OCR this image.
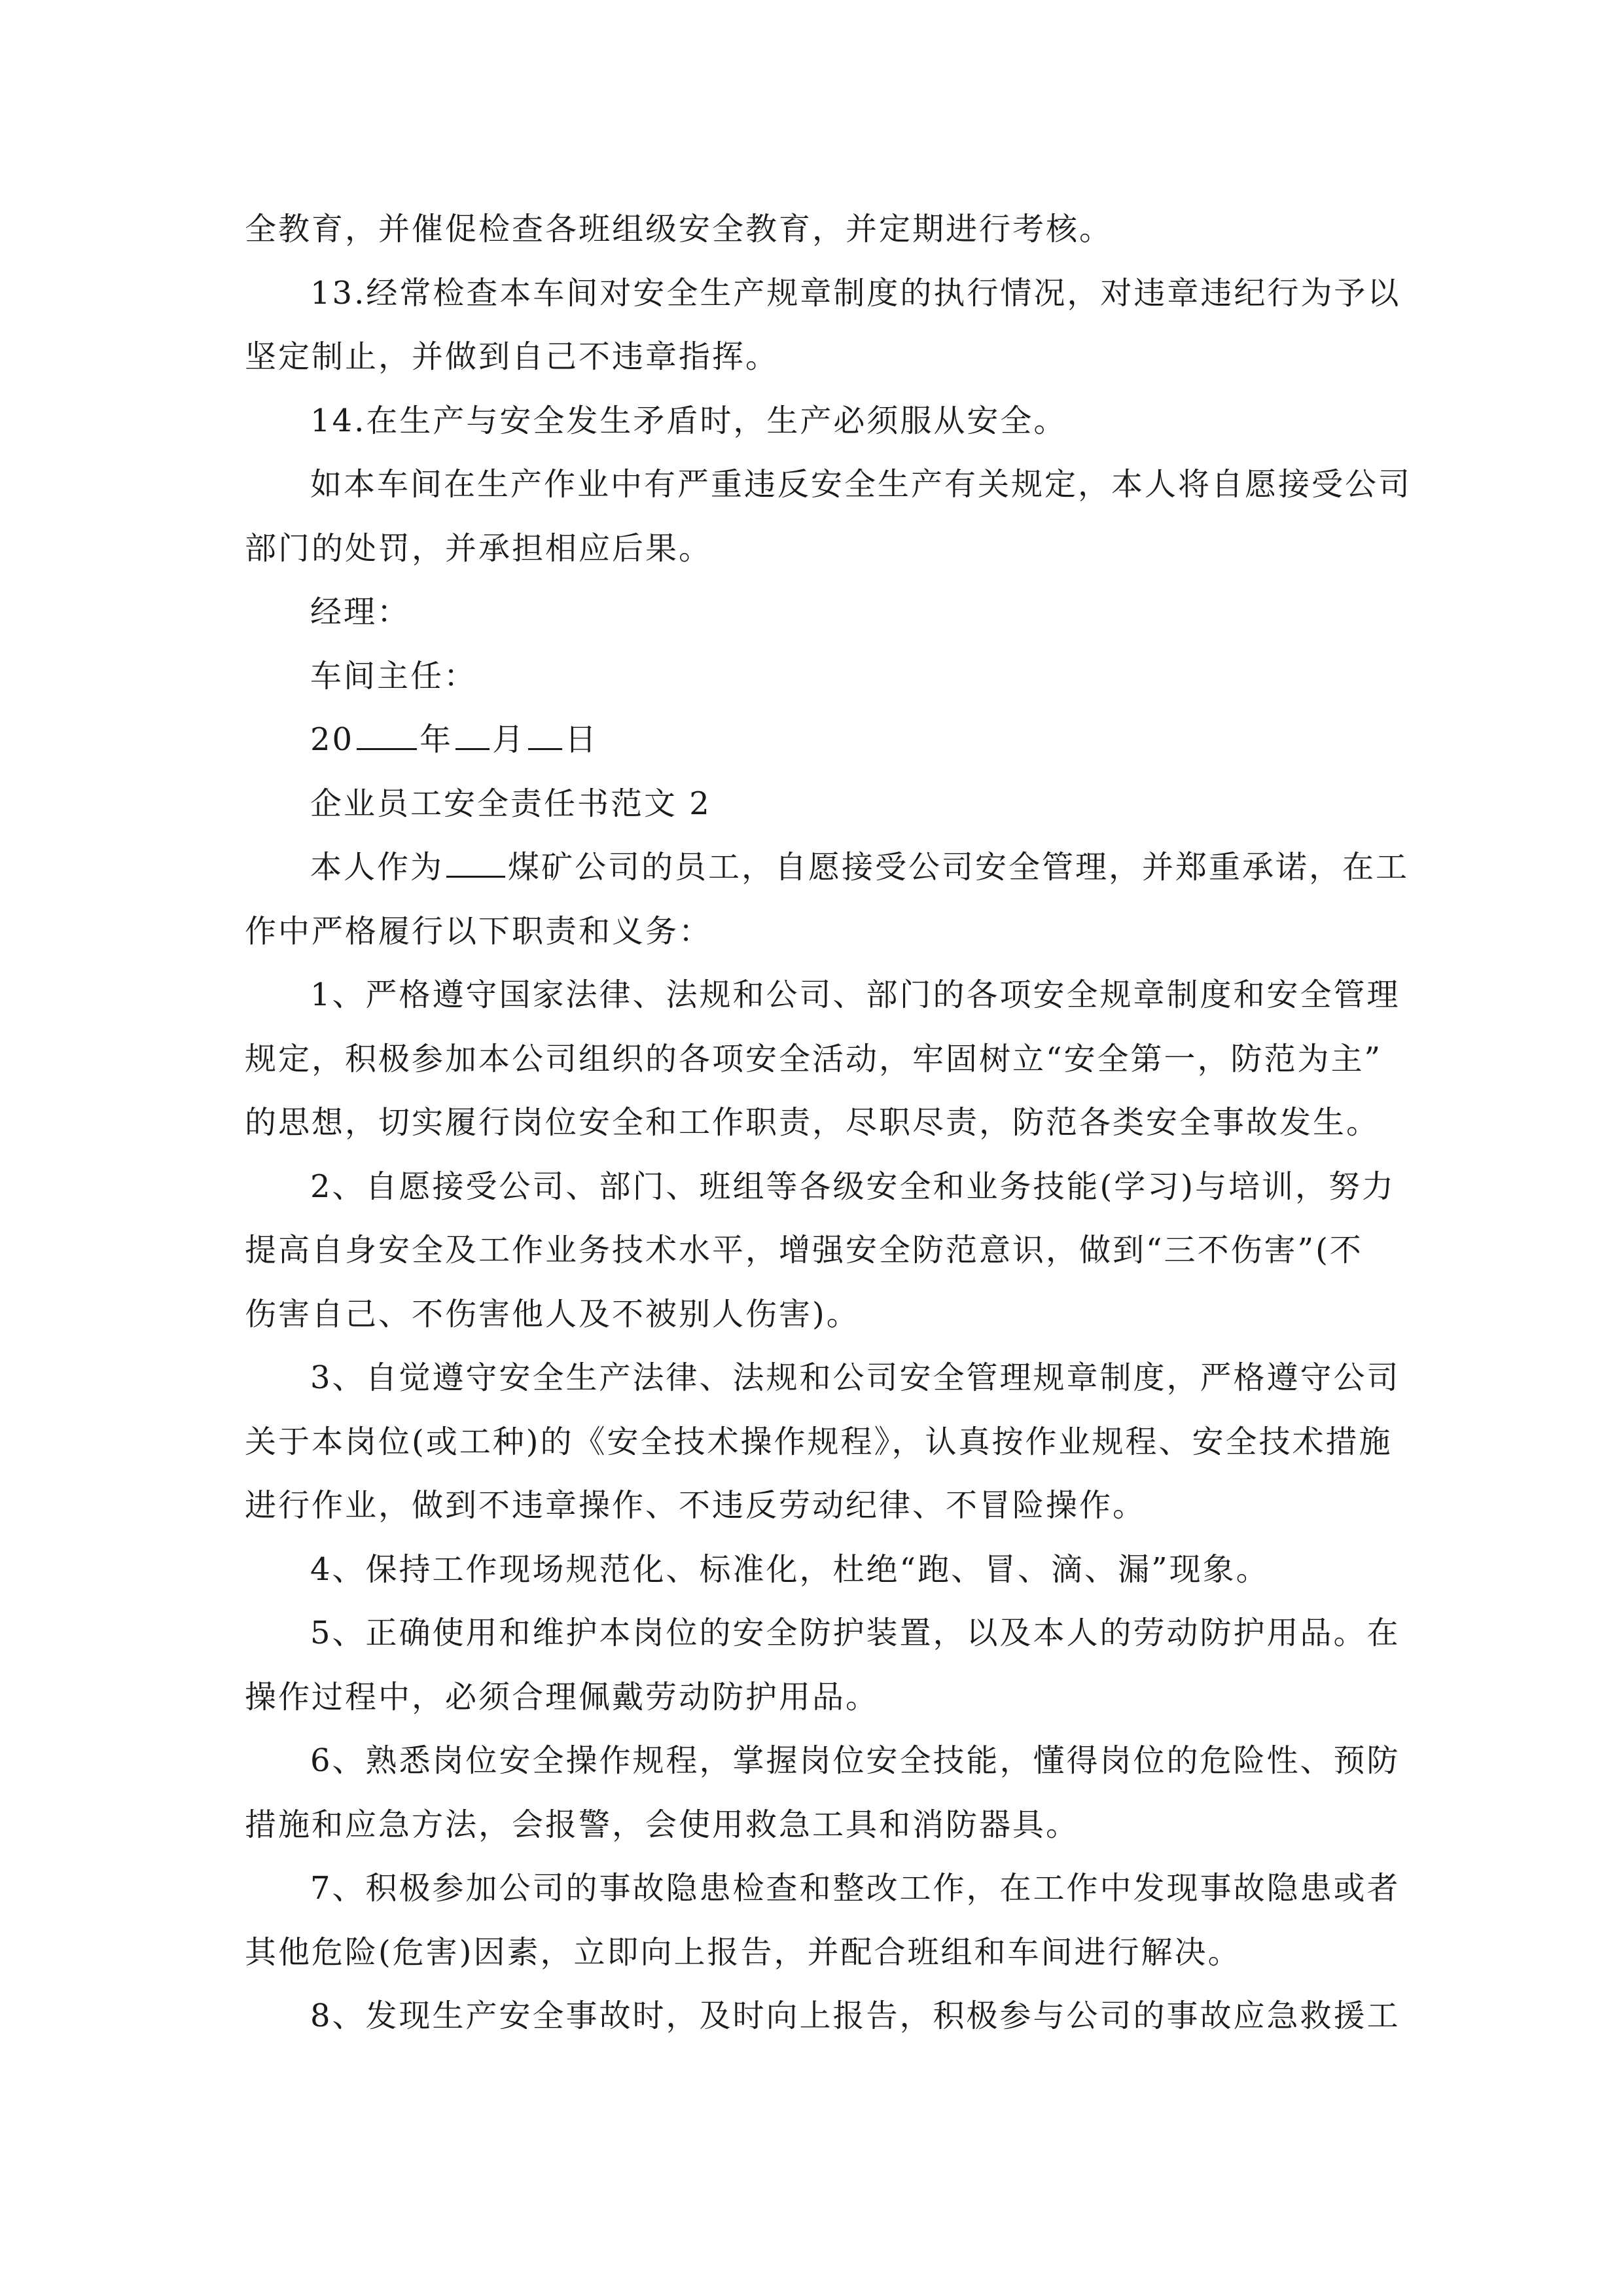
全教育，并催促检查各班组级安全教育，并定期进行考核。
13.经常检查本车间对安全生产规章制度的执行情况，对违章违纪行为予以
坚定制止，并做到自己不违章指挥。
14.在生产与安全发生矛盾时，生产必须服从安全。
如本车间在生产作业中有严重违反安全生产有关规定，本人将自愿接受公司
部门的处罚，并承担相应后果。
经理：
车间主任：
20 年 月 日
企业员工安全责任书范文 2
本人作为 煤矿公司的员工，自愿接受公司安全管理，并郑重承诺，在工
作中严格履行以下职责和义务：
1、严格遵守国家法律、法规和公司、部门的各项安全规章制度和安全管理
规定，积极参加本公司组织的各项安全活动，牢固树立“安全第一，防范为主”
的思想，切实履行岗位安全和工作职责，尽职尽责，防范各类安全事故发生。
2、自愿接受公司、部门、班组等各级安全和业务技能(学习)与培训，努力
提高自身安全及工作业务技术水平，增强安全防范意识，做到“三不伤害”(不
伤害自己、不伤害他人及不被别人伤害)。
3、自觉遵守安全生产法律、法规和公司安全管理规章制度，严格遵守公司
关于本岗位(或工种)的《安全技术操作规程》，认真按作业规程、安全技术措施
进行作业，做到不违章操作、不违反劳动纪律、不冒险操作。
4、保持工作现场规范化、标准化，杜绝“跑、冒、滴、漏”现象。
5、正确使用和维护本岗位的安全防护装置，以及本人的劳动防护用品。在
操作过程中，必须合理佩戴劳动防护用品。
6、熟悉岗位安全操作规程，掌握岗位安全技能，懂得岗位的危险性、预防
措施和应急方法，会报警，会使用救急工具和消防器具。
7、积极参加公司的事故隐患检查和整改工作，在工作中发现事故隐患或者
其他危险(危害)因素，立即向上报告，并配合班组和车间进行解决。
8、发现生产安全事故时，及时向上报告，积极参与公司的事故应急救援工
